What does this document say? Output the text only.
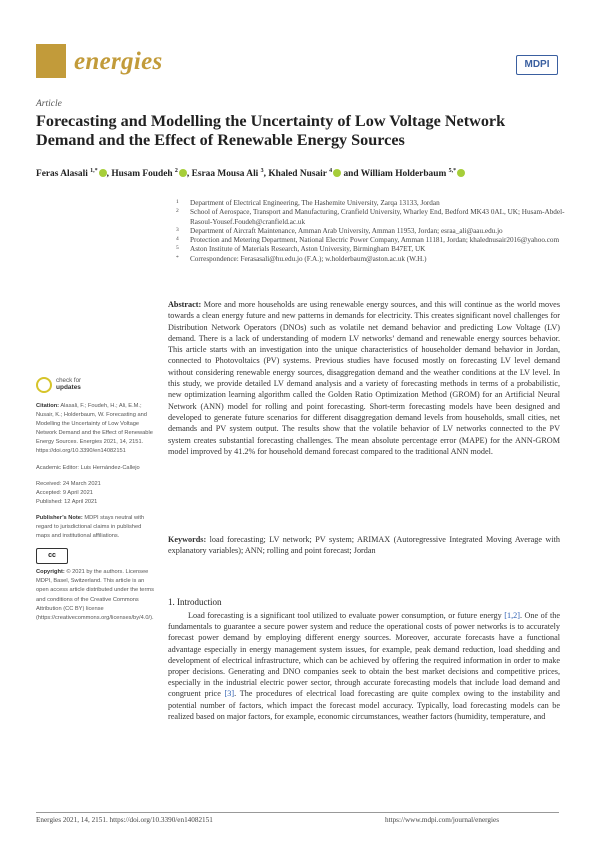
energies	MDPI
Article
Forecasting and Modelling the Uncertainty of Low Voltage Network Demand and the Effect of Renewable Energy Sources
Feras Alasali $^{1,*}$ , Husam Foudeh $^2$ , Esraa Mousa Ali $^3$, Khaled Nusair $^4$ and William Holderbaum $^{5,*}$
1 Department of Electrical Engineering, The Hashemite University, Zarqa 13133, Jordan
2 School of Aerospace, Transport and Manufacturing, Cranfield University, Wharley End, Bedford MK43 0AL, UK; Husam-Abdel-Rasoul-Yousef.Foudeh@cranfield.ac.uk
3 Department of Aircraft Maintenance, Amman Arab University, Amman 11953, Jordan; esraa_ali@aau.edu.jo
4 Protection and Metering Department, National Electric Power Company, Amman 11181, Jordan; khalednusair2016@yahoo.com
5 Aston Institute of Materials Research, Aston University, Birmingham B47ET, UK
* Correspondence: Ferasasali@hu.edu.jo (F.A.); w.holderbaum@aston.ac.uk (W.H.)
Abstract: More and more households are using renewable energy sources, and this will continue as the world moves towards a clean energy future and new patterns in demands for electricity. This creates significant novel challenges for Distribution Network Operators (DNOs) such as volatile net demand behavior and predicting Low Voltage (LV) demand. There is a lack of understanding of modern LV networks’ demand and renewable energy sources behavior. This article starts with an investigation into the unique characteristics of householder demand behavior in Jordan, connected to Photovoltaics (PV) systems. Previous studies have focused mostly on forecasting LV level demand without considering renewable energy sources, disaggregation demand and the weather conditions at the LV level. In this study, we provide detailed LV demand analysis and a variety of forecasting methods in terms of a probabilistic, new optimization learning algorithm called the Golden Ratio Optimization Method (GROM) for an Artificial Neural Network (ANN) model for rolling and point forecasting. Short-term forecasting models have been designed and developed to generate future scenarios for different disaggregation demand levels from households, small cities, net demands and PV system output. The results show that the volatile behavior of LV networks connected to the PV system creates substantial forecasting challenges. The mean absolute percentage error (MAPE) for the ANN-GROM model improved by 41.2% for household demand forecast compared to the traditional ANN model.
Keywords: load forecasting; LV network; PV system; ARIMAX (Autoregressive Integrated Moving Average with explanatory variables); ANN; rolling and point forecast; Jordan
check for
updates
Citation: Alasali, F.; Foudeh, H.; Ali, E.M.; Nusair, K.; Holderbaum, W. Forecasting and Modelling the Uncertainty of Low Voltage Network Demand and the Effect of Renewable Energy Sources. Energies 2021, 14, 2151. https://doi.org/10.3390/en14082151
Academic Editor: Luis Hernández-Callejo
Received: 24 March 2021
Accepted: 9 April 2021
Published: 12 April 2021
Publisher’s Note: MDPI stays neutral with regard to jurisdictional claims in published maps and institutional affiliations.
cc
Copyright: © 2021 by the authors. Licensee MDPI, Basel, Switzerland. This article is an open access article distributed under the terms and conditions of the Creative Commons Attribution (CC BY) license (https://creativecommons.org/licenses/by/4.0/).
1. Introduction
Load forecasting is a significant tool utilized to evaluate power consumption, or future energy [1,2]. One of the fundamentals to guarantee a secure power system and reduce the operational costs of power networks is to accurately forecast power demand by employing different energy sources. Moreover, accurate forecasts have a functional advantage especially in energy management system issues, for example, peak demand reduction, load shedding and development of electrical infrastructure, which can be achieved by offering the required information in order to make proper decisions. Generating and DNO companies seek to obtain the best market decisions and competitive prices, especially in the industrial electric power sector, through accurate forecasting models that include load demand and congruent price [3]. The procedures of electrical load forecasting are quite complex owing to the instability and potential number of factors, which impact the forecast model accuracy. Typically, load forecasting models can be realized based on major factors, for example, economic circumstances, weather factors (humidity, temperature, and
Energies 2021, 14, 2151. https://doi.org/10.3390/en14082151	https://www.mdpi.com/journal/energies
